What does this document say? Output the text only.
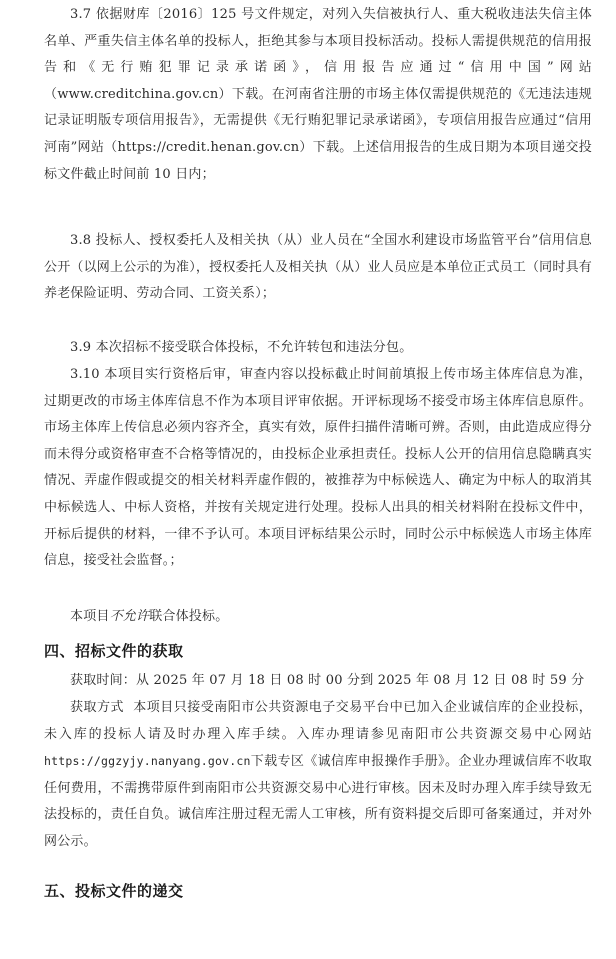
3.7 依据财库〔2016〕125 号文件规定，对列入失信被执行人、重大税收违法失信主体名单、严重失信主体名单的投标人，拒绝其参与本项目投标活动。投标人需提供规范的信用报告和《无行贿犯罪记录承诺函》，信用报告应通过“信用中国”网站（www.creditchina.gov.cn）下载。在河南省注册的市场主体仅需提供规范的《无违法违规记录证明版专项信用报告》，无需提供《无行贿犯罪记录承诺函》，专项信用报告应通过“信用河南”网站（https://credit.henan.gov.cn）下载。上述信用报告的生成日期为本项目递交投标文件截止时间前 10 日内；

3.8 投标人、授权委托人及相关执（从）业人员在“全国水利建设市场监管平台”信用信息公开（以网上公示的为准），授权委托人及相关执（从）业人员应是本单位正式员工（同时具有养老保险证明、劳动合同、工资关系）；

3.9 本次招标不接受联合体投标，不允许转包和违法分包。

3.10 本项目实行资格后审，审查内容以投标截止时间前填报上传市场主体库信息为准，过期更改的市场主体库信息不作为本项目评审依据。开评标现场不接受市场主体库信息原件。市场主体库上传信息必须内容齐全，真实有效，原件扫描件清晰可辨。否则，由此造成应得分而未得分或资格审查不合格等情况的，由投标企业承担责任。投标人公开的信用信息隐瞒真实情况、弄虚作假或提交的相关材料弄虚作假的，被推荐为中标候选人、确定为中标人的取消其中标候选人、中标人资格，并按有关规定进行处理。投标人出具的相关材料附在投标文件中，开标后提供的材料，一律不予认可。本项目评标结果公示时，同时公示中标候选人市场主体库信息，接受社会监督。；

本项目不允许联合体投标。

四、招标文件的获取

获取时间：从 2025 年 07 月 18 日 08 时 00 分到 2025 年 08 月 12 日 08 时 59 分

获取方式 本项目只接受南阳市公共资源电子交易平台中已加入企业诚信库的企业投标，未入库的投标人请及时办理入库手续。入库办理请参见南阳市公共资源交易中心网站https://ggzyjy.nanyang.gov.cn下载专区《诚信库申报操作手册》。企业办理诚信库不收取任何费用，不需携带原件到南阳市公共资源交易中心进行审核。因未及时办理入库手续导致无法投标的，责任自负。诚信库注册过程无需人工审核，所有资料提交后即可备案通过，并对外网公示。

五、投标文件的递交
